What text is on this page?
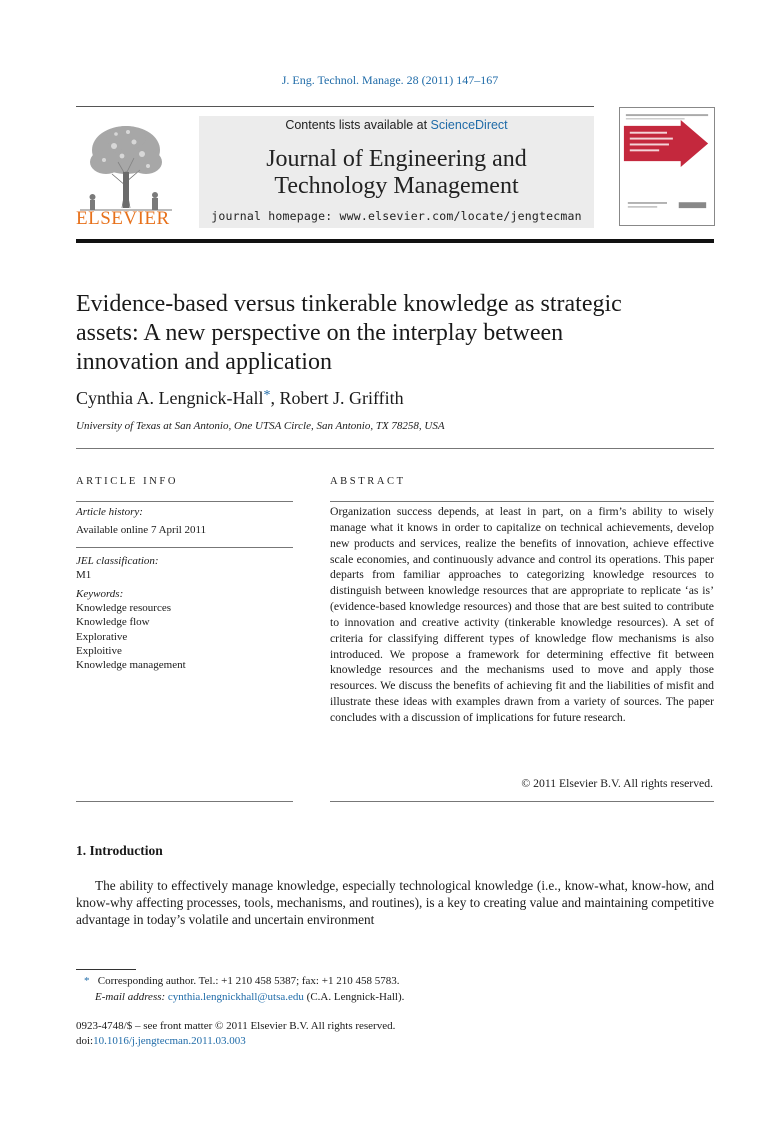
J. Eng. Technol. Manage. 28 (2011) 147–167
ELSEVIER
Contents lists available at ScienceDirect
Journal of Engineering and
Technology Management
journal homepage: www.elsevier.com/locate/jengtecman
Evidence-based versus tinkerable knowledge as strategic
assets: A new perspective on the interplay between
innovation and application
Cynthia A. Lengnick-Hall*, Robert J. Griffith
University of Texas at San Antonio, One UTSA Circle, San Antonio, TX 78258, USA
ARTICLE INFO	ABSTRACT
Article history:
Available online 7 April 2011
JEL classification:
M1
Keywords:
Knowledge resources
Knowledge flow
Explorative
Exploitive
Knowledge management
Organization success depends, at least in part, on a firm’s ability to wisely manage what it knows in order to capitalize on technical achievements, develop new products and services, realize the benefits of innovation, achieve effective scale economies, and continuously advance and control its operations. This paper departs from familiar approaches to categorizing knowledge resources to distinguish between knowledge resources that are appropriate to replicate ‘as is’ (evidence-based knowledge resources) and those that are best suited to contribute to innovation and creative activity (tinkerable knowledge resources). A set of criteria for classifying different types of knowledge flow mechanisms is also introduced. We propose a framework for determining effective fit between knowledge resources and the mechanisms used to move and apply those resources. We discuss the benefits of achieving fit and the liabilities of misfit and illustrate these ideas with examples drawn from a variety of sources. The paper concludes with a discussion of implications for future research.
© 2011 Elsevier B.V. All rights reserved.
1. Introduction
The ability to effectively manage knowledge, especially technological knowledge (i.e., know-what, know-how, and know-why affecting processes, tools, mechanisms, and routines), is a key to creating value and maintaining competitive advantage in today’s volatile and uncertain environment
* Corresponding author. Tel.: +1 210 458 5387; fax: +1 210 458 5783.
E-mail address: cynthia.lengnickhall@utsa.edu (C.A. Lengnick-Hall).
0923-4748/$ – see front matter © 2011 Elsevier B.V. All rights reserved.
doi:10.1016/j.jengtecman.2011.03.003
